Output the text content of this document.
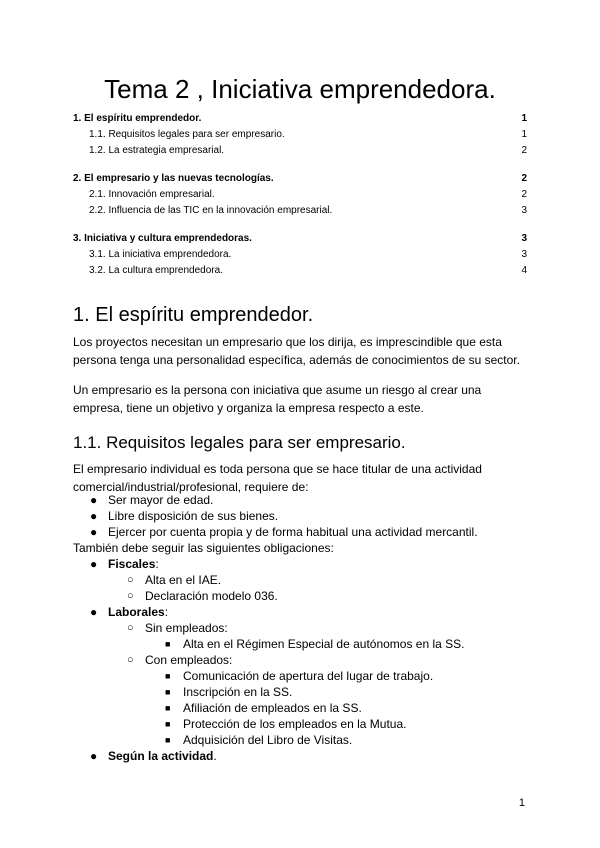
Tema 2 , Iniciativa emprendedora.
1. El espíritu emprendedor.	1
1.1. Requisitos legales para ser empresario.	1
1.2. La estrategia empresarial.	2
2. El empresario y las nuevas tecnologías.	2
2.1. Innovación empresarial.	2
2.2. Influencia de las TIC en la innovación empresarial.	3
3. Iniciativa y cultura emprendedoras.	3
3.1. La iniciativa emprendedora.	3
3.2. La cultura emprendedora.	4
1. El espíritu emprendedor.
Los proyectos necesitan un empresario que los dirija, es imprescindible que esta persona tenga una personalidad específica, además de conocimientos de su sector.
Un empresario es la persona con iniciativa que asume un riesgo al crear una empresa, tiene un objetivo y organiza la empresa respecto a este.
1.1. Requisitos legales para ser empresario.
El empresario individual es toda persona que se hace titular de una actividad comercial/industrial/profesional, requiere de:
● Ser mayor de edad.
● Libre disposición de sus bienes.
● Ejercer por cuenta propia y de forma habitual una actividad mercantil.
También debe seguir las siguientes obligaciones:
● Fiscales :
○ Alta en el IAE.
○ Declaración modelo 036.
● Laborales :
○ Sin empleados:
■	Alta en el Régimen Especial de autónomos en la SS.
○ Con empleados:
■	Comunicación de apertura del lugar de trabajo.
■	Inscripción en la SS.
■	Afiliación de empleados en la SS.
■	Protección de los empleados en la Mutua.
■	Adquisición del Libro de Visitas.
● Según la actividad .
1
